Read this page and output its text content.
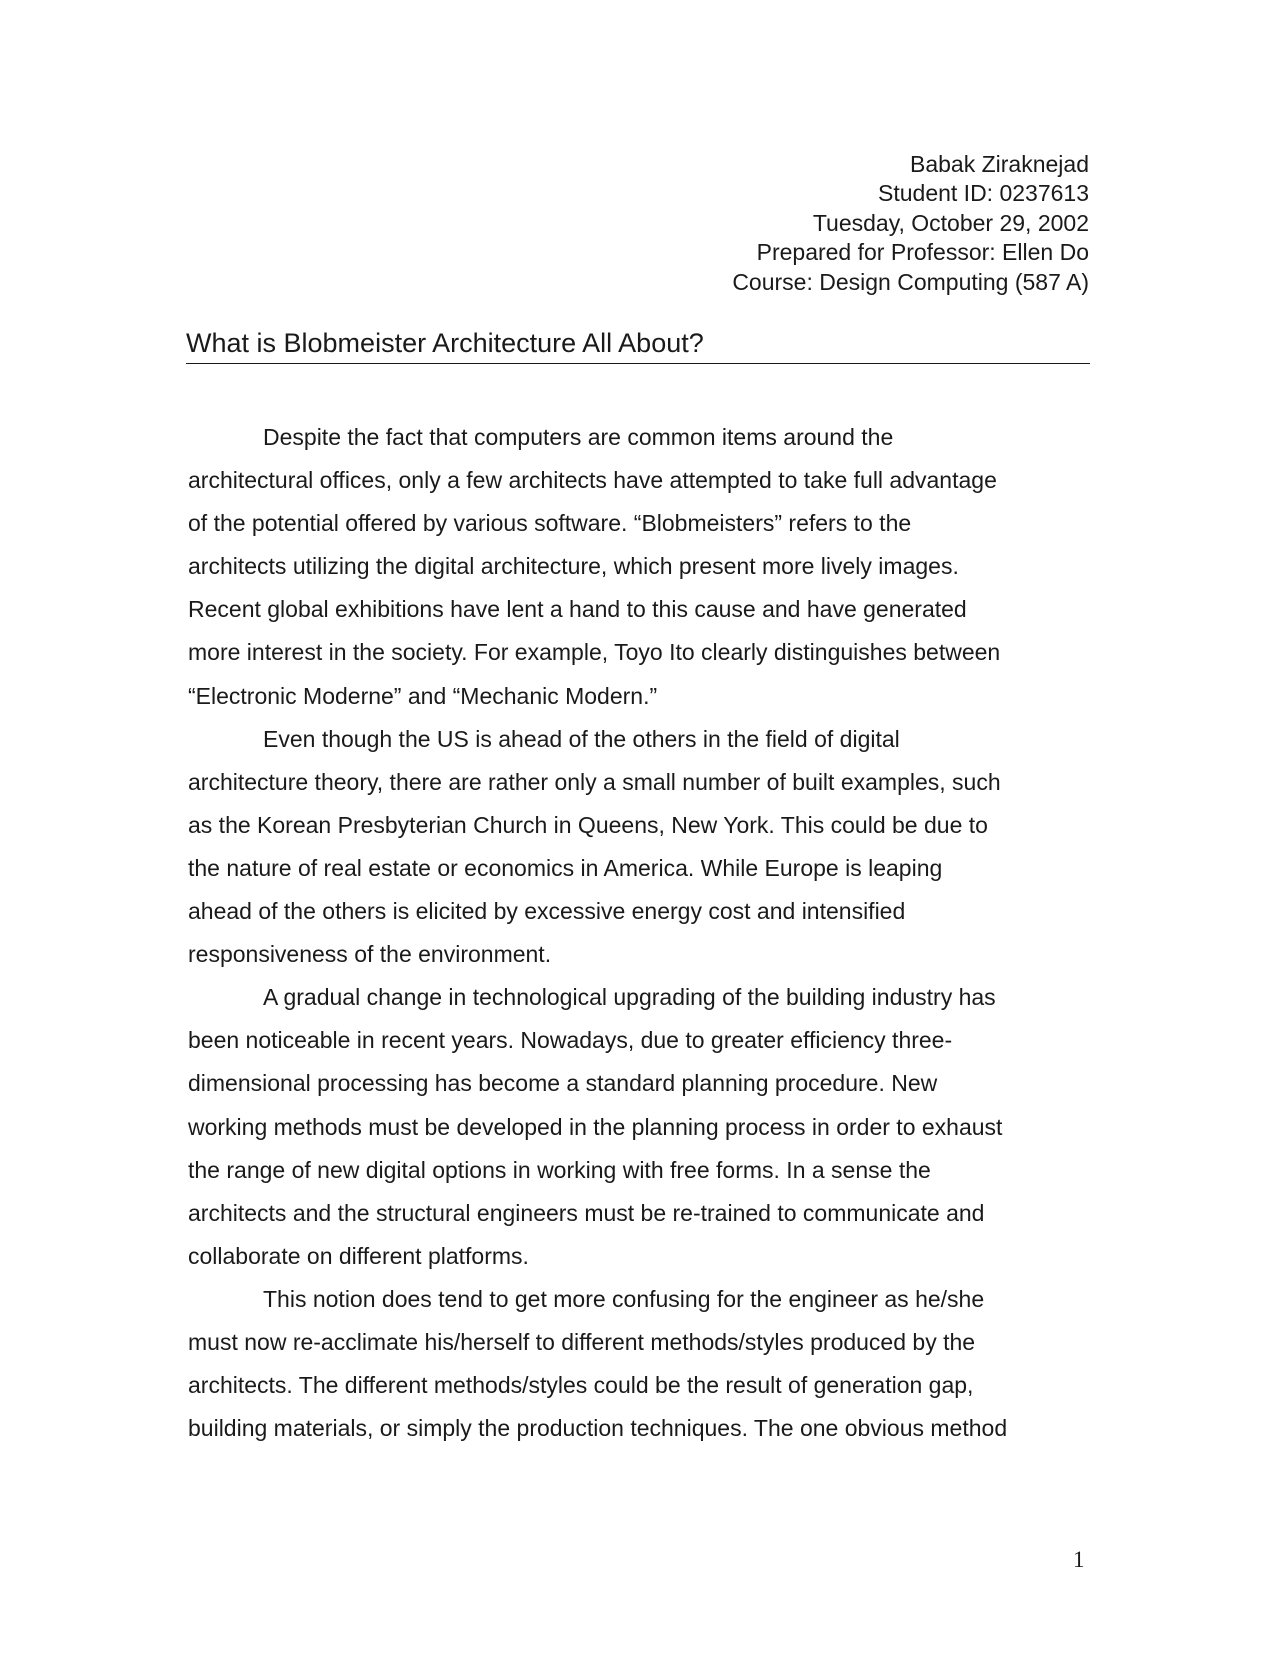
Babak Ziraknejad
Student ID: 0237613
Tuesday, October 29, 2002
Prepared for Professor: Ellen Do
Course: Design Computing (587 A)
What is Blobmeister Architecture All About?
Despite the fact that computers are common items around the
architectural offices, only a few architects have attempted to take full advantage
of the potential offered by various software. “Blobmeisters” refers to the
architects utilizing the digital architecture, which present more lively images.
Recent global exhibitions have lent a hand to this cause and have generated
more interest in the society. For example, Toyo Ito clearly distinguishes between
“Electronic Moderne” and “Mechanic Modern.”
Even though the US is ahead of the others in the field of digital
architecture theory, there are rather only a small number of built examples, such
as the Korean Presbyterian Church in Queens, New York. This could be due to
the nature of real estate or economics in America. While Europe is leaping
ahead of the others is elicited by excessive energy cost and intensified
responsiveness of the environment.
A gradual change in technological upgrading of the building industry has
been noticeable in recent years. Nowadays, due to greater efficiency three-
dimensional processing has become a standard planning procedure. New
working methods must be developed in the planning process in order to exhaust
the range of new digital options in working with free forms. In a sense the
architects and the structural engineers must be re-trained to communicate and
collaborate on different platforms.
This notion does tend to get more confusing for the engineer as he/she
must now re-acclimate his/herself to different methods/styles produced by the
architects. The different methods/styles could be the result of generation gap,
building materials, or simply the production techniques. The one obvious method
1
